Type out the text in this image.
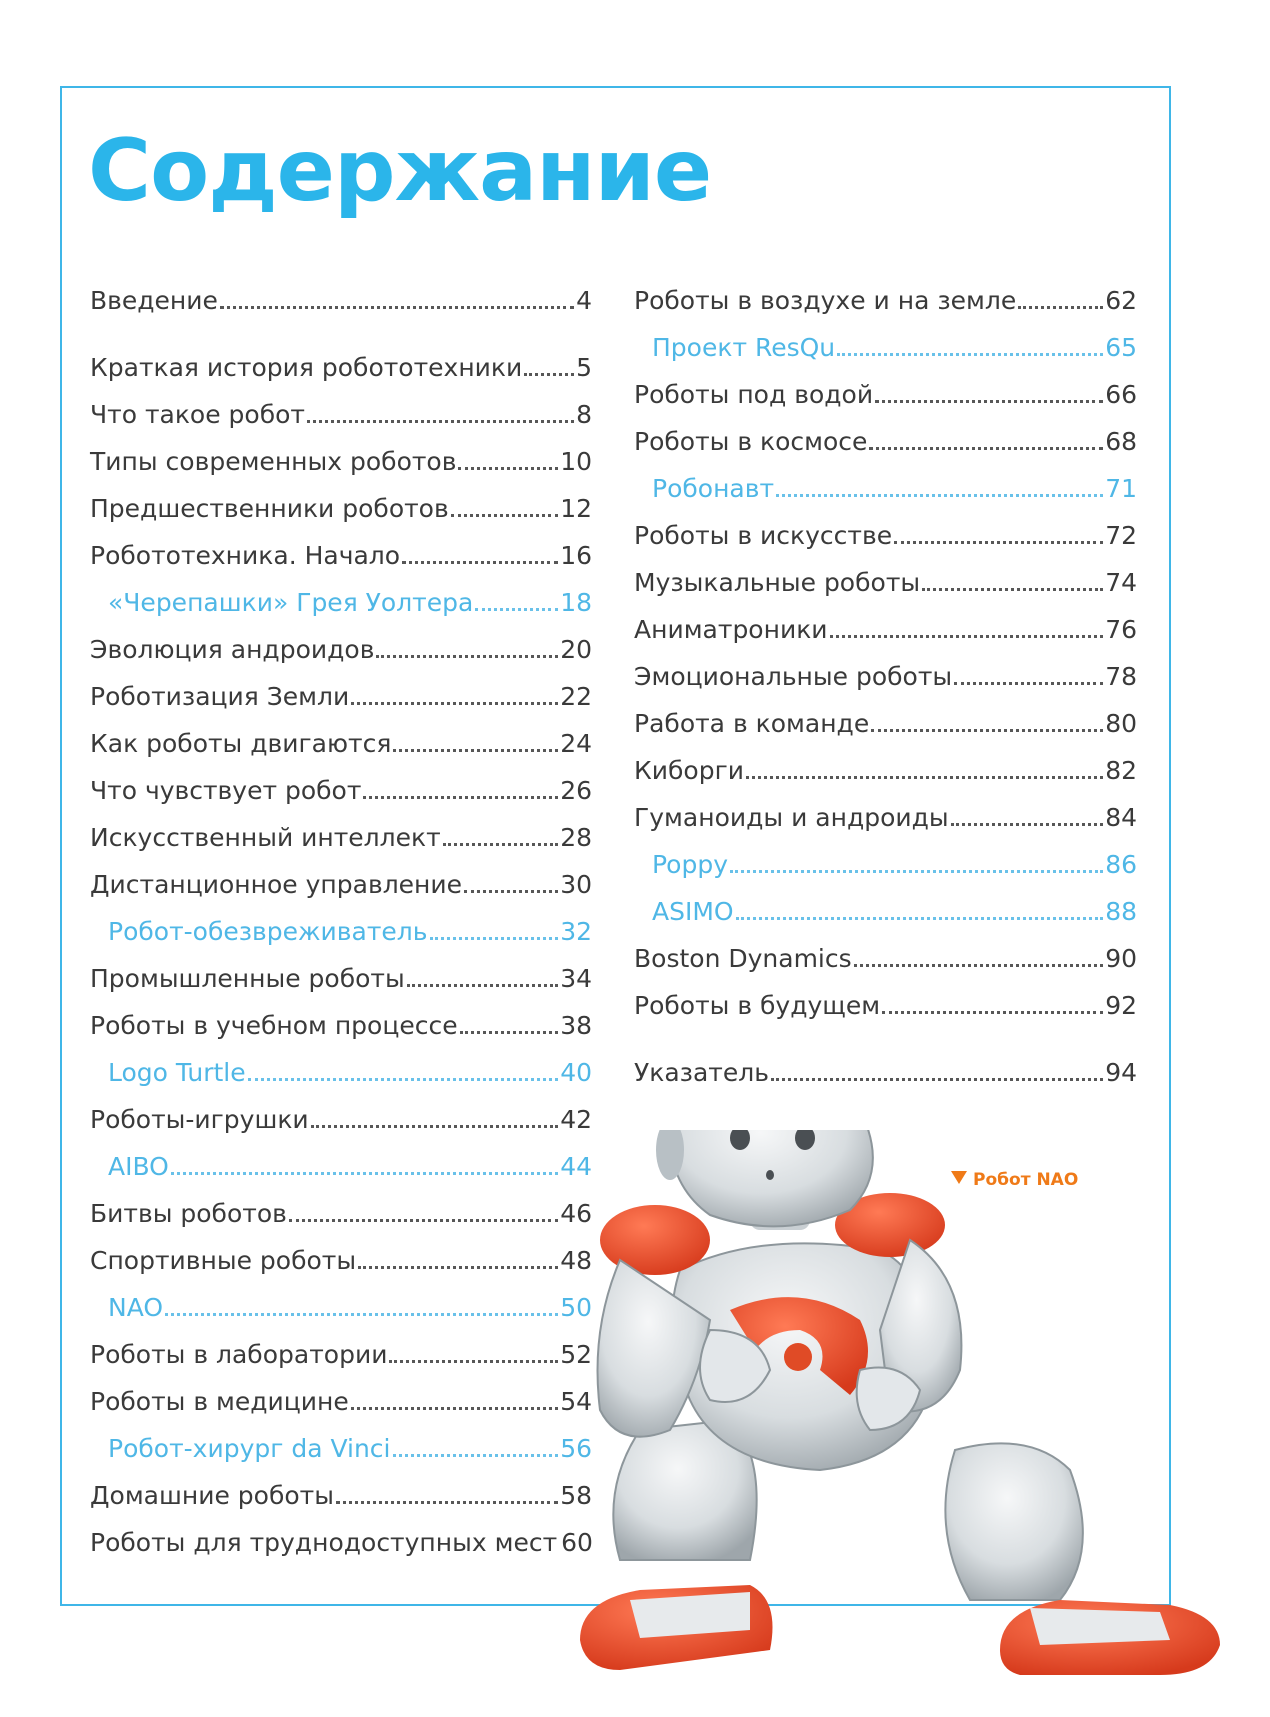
Содержание
Введение	4
Краткая история робототехники 5
Что такое робот	8
Типы современных роботов	10
Предшественники роботов	12
Робототехника. Начало	16
«Черепашки» Грея Уолтера	18
Эволюция андроидов	20
Роботизация Земли	22
Как роботы двигаются	24
Что чувствует робот	26
Искусственный интеллект	28
Дистанционное управление	30
Робот-обезвреживатель	32
Промышленные роботы	34
Роботы в учебном процессе	38
Logo Turtle	40
Роботы-игрушки	42
AIBO	44
Битвы роботов	46
Спортивные роботы	48
NAO	50
Роботы в лаборатории	52
Роботы в медицине	54
Робот-хирург da Vinci	56
Домашние роботы	58
Роботы для труднодоступных мест 60
Роботы в воздухе и на земле	62
Проект ResQu	65
Роботы под водой	66
Роботы в космосе	68
Робонавт	71
Роботы в искусстве	72
Музыкальные роботы	74
Аниматроники	76
Эмоциональные роботы	78
Работа в команде	80
Киборги	82
Гуманоиды и андроиды	84
Poppy	86
ASIMO	88
Boston Dynamics	90
Роботы в будущем	92
Указатель	94
Робот NAO
